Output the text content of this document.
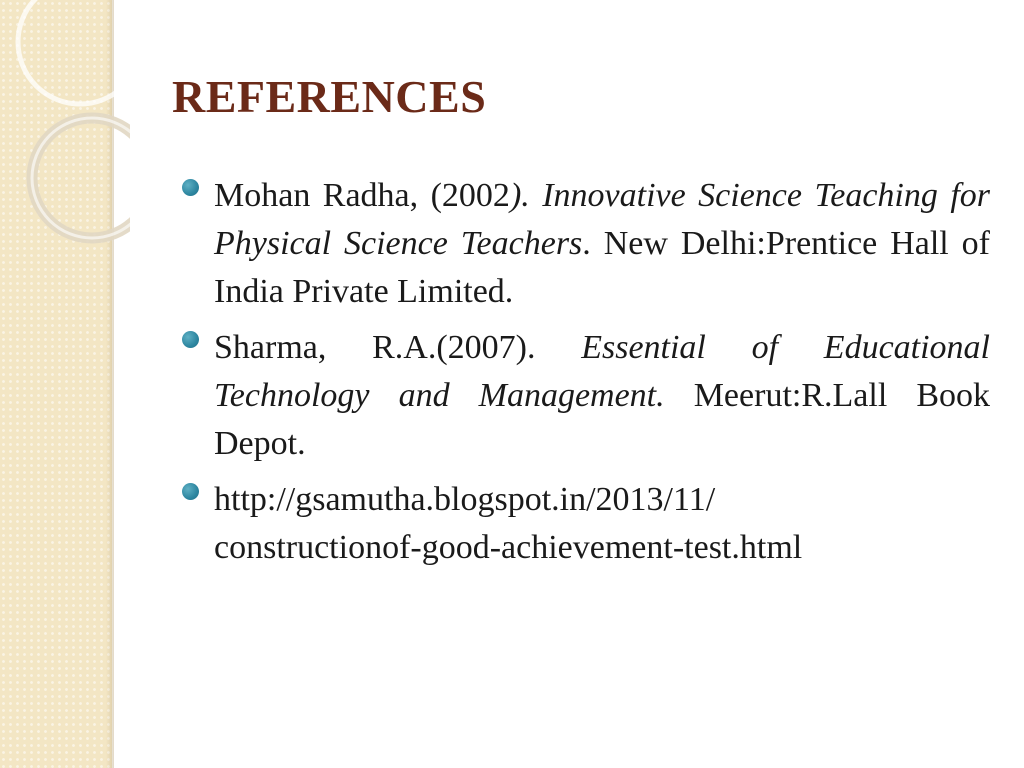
REFERENCES
Mohan Radha, (2002). Innovative Science Teaching for Physical Science Teachers. New Delhi:Prentice Hall of India Private Limited.
Sharma, R.A.(2007). Essential of Educational Technology and Management. Meerut:R.Lall Book Depot.
http://gsamutha.blogspot.in/2013/11/
constructionof-good-achievement-test.html
